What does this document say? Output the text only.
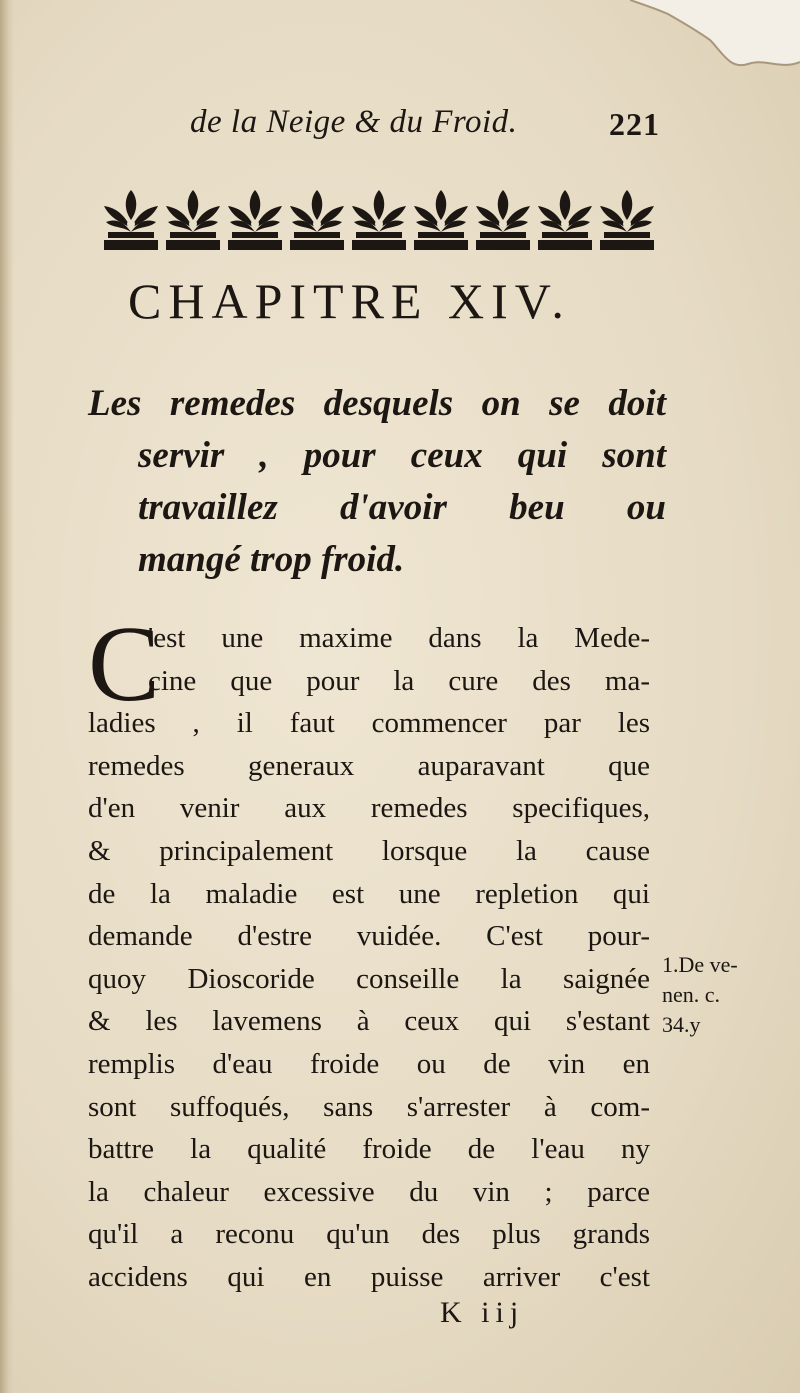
de la Neige & du Froid.	221
CHAPITRE XIV.
Les remedes desquels on se doit
servir , pour ceux qui sont
travaillez d'avoir beu ou
mangé trop froid.
C
'est une maxime dans la Mede-
cine que pour la cure des ma-
ladies , il faut commencer par les
remedes generaux auparavant que
d'en venir aux remedes specifiques,
& principalement lorsque la cause
de la maladie est une repletion qui
demande d'estre vuidée. C'est pour-
quoy Dioscoride conseille la saignée
& les lavemens à ceux qui s'estant
remplis d'eau froide ou de vin en
sont suffoqués, sans s'arrester à com-
battre la qualité froide de l'eau ny
la chaleur excessive du vin ; parce
qu'il a reconu qu'un des plus grands
accidens qui en puisse arriver c'est
1.De ve-
nen. c.
34.y
K iij
